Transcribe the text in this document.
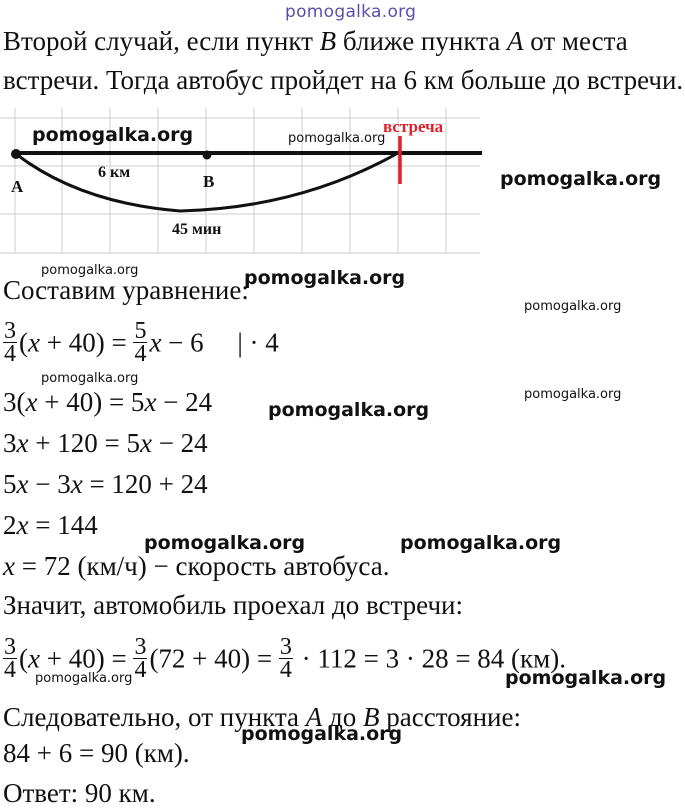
pomogalka.org
Второй случай, если пункт B ближе пункта A от места
встречи. Тогда автобус пройдет на 6 км больше до встречи.
встреча
A	B
6 км
45 мин
Составим уравнение:
$\frac{3}{4} (x + 40) = \frac{5}{4}$ x − 6     | · 4
3(x + 40) = 5x − 24
3x + 120 = 5x − 24
5x − 3x = 120 + 24
2x = 144
x = 72 (км/ч) − скорость автобуса.
Значит, автомобиль проехал до встречи:
$\frac{3}{4} (x + 40) = \frac{3}{4} (72 + 40) = \frac{3}{4} \cdot 112 = 3 \cdot 28 = 84$ (км).
Следовательно, от пункта A до B расстояние:
84 + 6 = 90 (км).
Ответ: 90 км.
pomogalka.org	pomogalka.org
pomogalka.org
pomogalka.org	pomogalka.org
pomogalka.org
pomogalka.org
pomogalka.org
pomogalka.org
pomogalka.org	pomogalka.org
pomogalka.org	pomogalka.org
pomogalka.org
